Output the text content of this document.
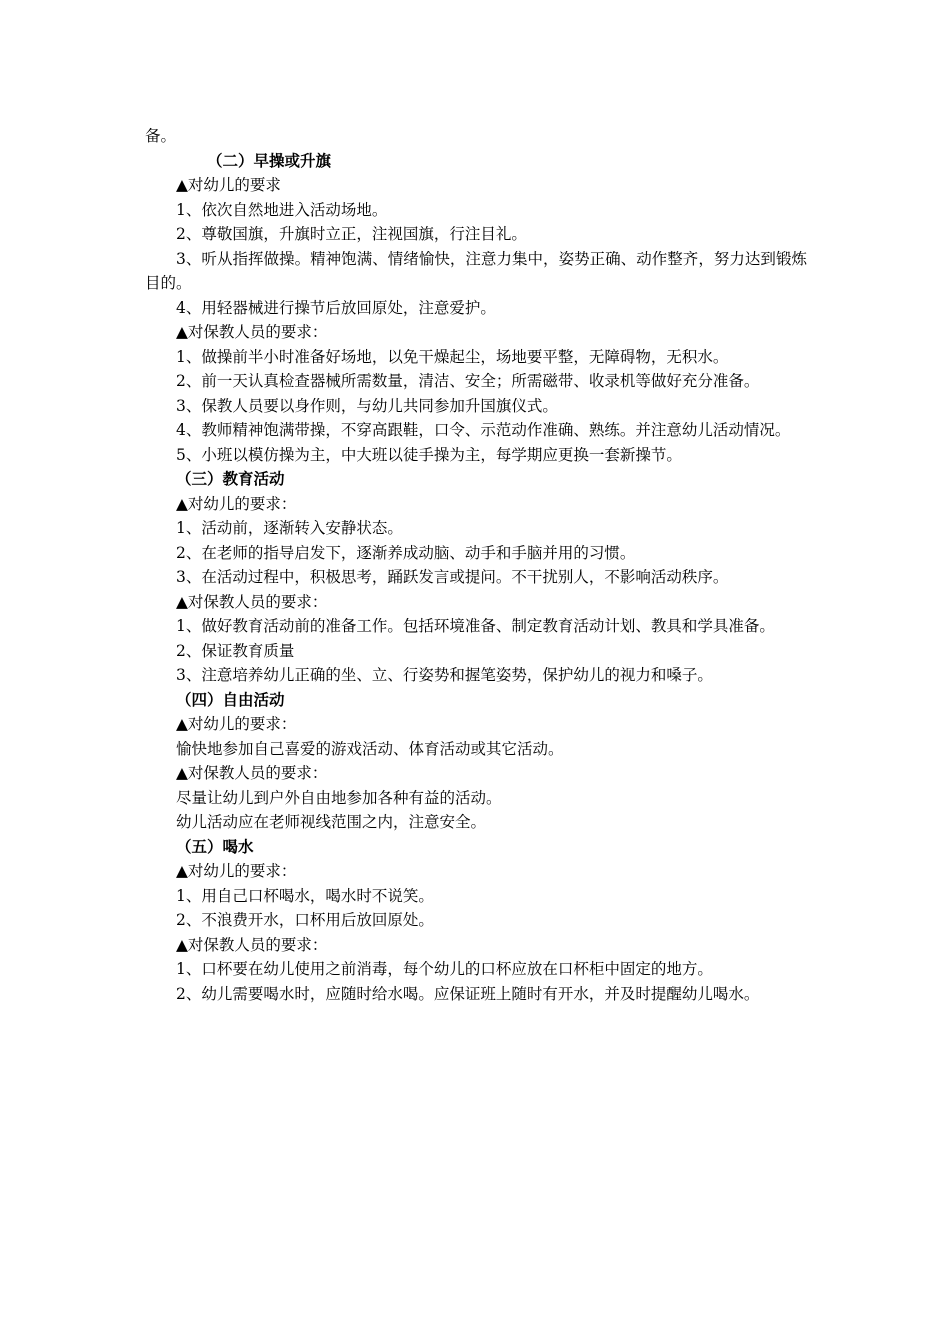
备。

（二）早操或升旗

▲对幼儿的要求

1、依次自然地进入活动场地。

2、尊敬国旗，升旗时立正，注视国旗，行注目礼。

3、听从指挥做操。精神饱满、情绪愉快，注意力集中，姿势正确、动作整齐，努力达到锻炼目的。

4、用轻器械进行操节后放回原处，注意爱护。

▲对保教人员的要求：

1、做操前半小时准备好场地，以免干燥起尘，场地要平整，无障碍物，无积水。

2、前一天认真检查器械所需数量，清洁、安全；所需磁带、收录机等做好充分准备。

3、保教人员要以身作则，与幼儿共同参加升国旗仪式。

4、教师精神饱满带操，不穿高跟鞋，口令、示范动作准确、熟练。并注意幼儿活动情况。

5、小班以模仿操为主，中大班以徒手操为主，每学期应更换一套新操节。

（三）教育活动

▲对幼儿的要求：

1、活动前，逐渐转入安静状态。

2、在老师的指导启发下，逐渐养成动脑、动手和手脑并用的习惯。

3、在活动过程中，积极思考，踊跃发言或提问。不干扰别人，不影响活动秩序。

▲对保教人员的要求：

1、做好教育活动前的准备工作。包括环境准备、制定教育活动计划、教具和学具准备。

2、保证教育质量

3、注意培养幼儿正确的坐、立、行姿势和握笔姿势，保护幼儿的视力和嗓子。

（四）自由活动

▲对幼儿的要求：

愉快地参加自己喜爱的游戏活动、体育活动或其它活动。

▲对保教人员的要求：

尽量让幼儿到户外自由地参加各种有益的活动。

幼儿活动应在老师视线范围之内，注意安全。

（五）喝水

▲对幼儿的要求：

1、用自己口杯喝水，喝水时不说笑。

2、不浪费开水，口杯用后放回原处。

▲对保教人员的要求：

1、口杯要在幼儿使用之前消毒，每个幼儿的口杯应放在口杯柜中固定的地方。

2、幼儿需要喝水时，应随时给水喝。应保证班上随时有开水，并及时提醒幼儿喝水。
